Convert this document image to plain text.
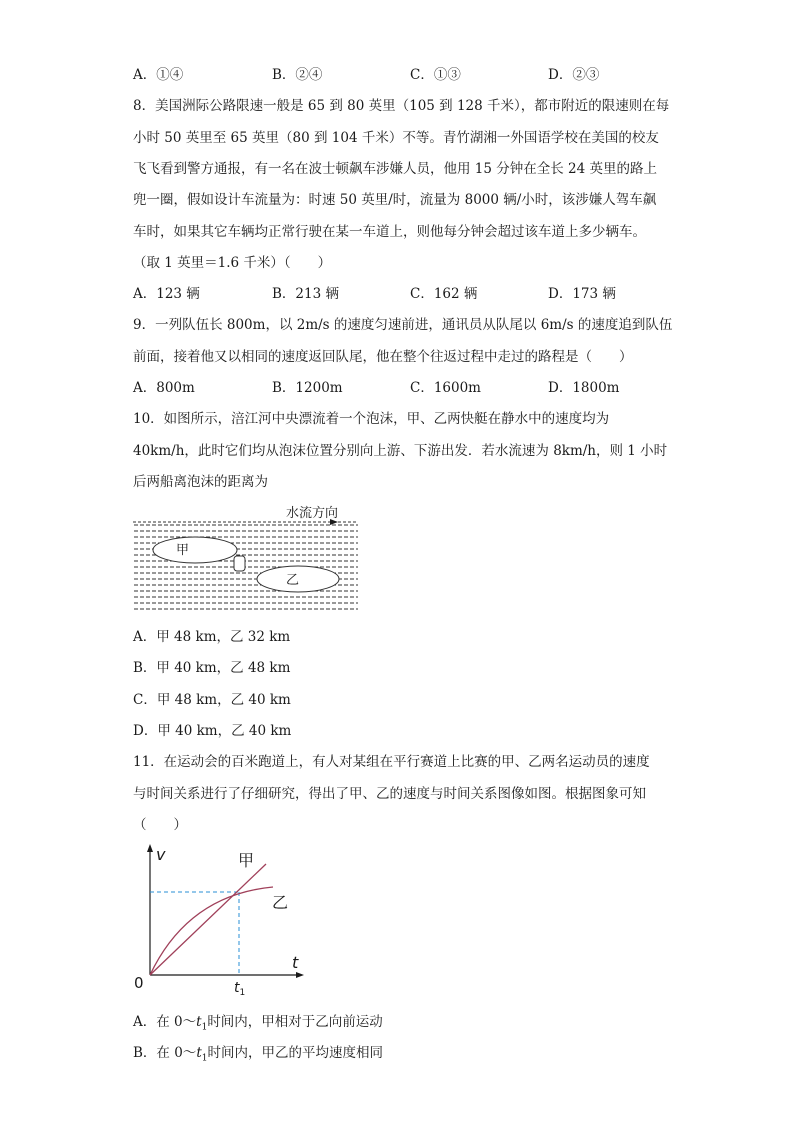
A．①④	B．②④	C．①③	D．②③
8．美国洲际公路限速一般是 65 到 80 英里（105 到 128 千米），都市附近的限速则在每
小时 50 英里至 65 英里（80 到 104 千米）不等。青竹湖湘一外国语学校在美国的校友
飞飞看到警方通报，有一名在波士顿飙车涉嫌人员，他用 15 分钟在全长 24 英里的路上
兜一圈，假如设计车流量为：时速 50 英里/时，流量为 8000 辆/小时，该涉嫌人驾车飙
车时，如果其它车辆均正常行驶在某一车道上，则他每分钟会超过该车道上多少辆车。
（取 1 英里＝1.6 千米）（　　）
A．123 辆	B．213 辆	C．162 辆	D．173 辆
9．一列队伍长 800m，以 2m/s 的速度匀速前进，通讯员从队尾以 6m/s 的速度追到队伍
前面，接着他又以相同的速度返回队尾，他在整个往返过程中走过的路程是（　　）
A．800m	B．1200m	C．1600m	D．1800m
10．如图所示，涪江河中央漂流着一个泡沫，甲、乙两快艇在静水中的速度均为
40km/h，此时它们均从泡沫位置分别向上游、下游出发．若水流速为 8km/h，则 1 小时
后两船离泡沫的距离为
水流方向
甲
乙
A．甲 48 km，乙 32 km
B．甲 40 km，乙 48 km
C．甲 48 km，乙 40 km
D．甲 40 km，乙 40 km
11．在运动会的百米跑道上，有人对某组在平行赛道上比赛的甲、乙两名运动员的速度
与时间关系进行了仔细研究，得出了甲、乙的速度与时间关系图像如图。根据图象可知
（　　）
v
t
0
甲
乙
$t_1$
A．在 $0\sim t_1$时间内，甲相对于乙向前运动
B．在 $0\sim t_1$时间内，甲乙的平均速度相同
